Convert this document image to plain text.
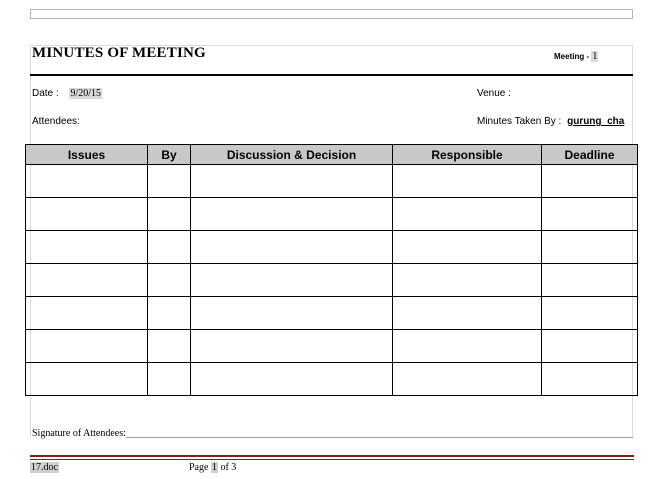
MINUTES OF MEETING	Meeting - 1
Date : 9/20/15	Venue :
Attendees:	Minutes Taken By : gurung_cha
Issues	By	Discussion & Decision	Responsible	Deadline

Signature of Attendees:
17.doc	Page 1 of 3
